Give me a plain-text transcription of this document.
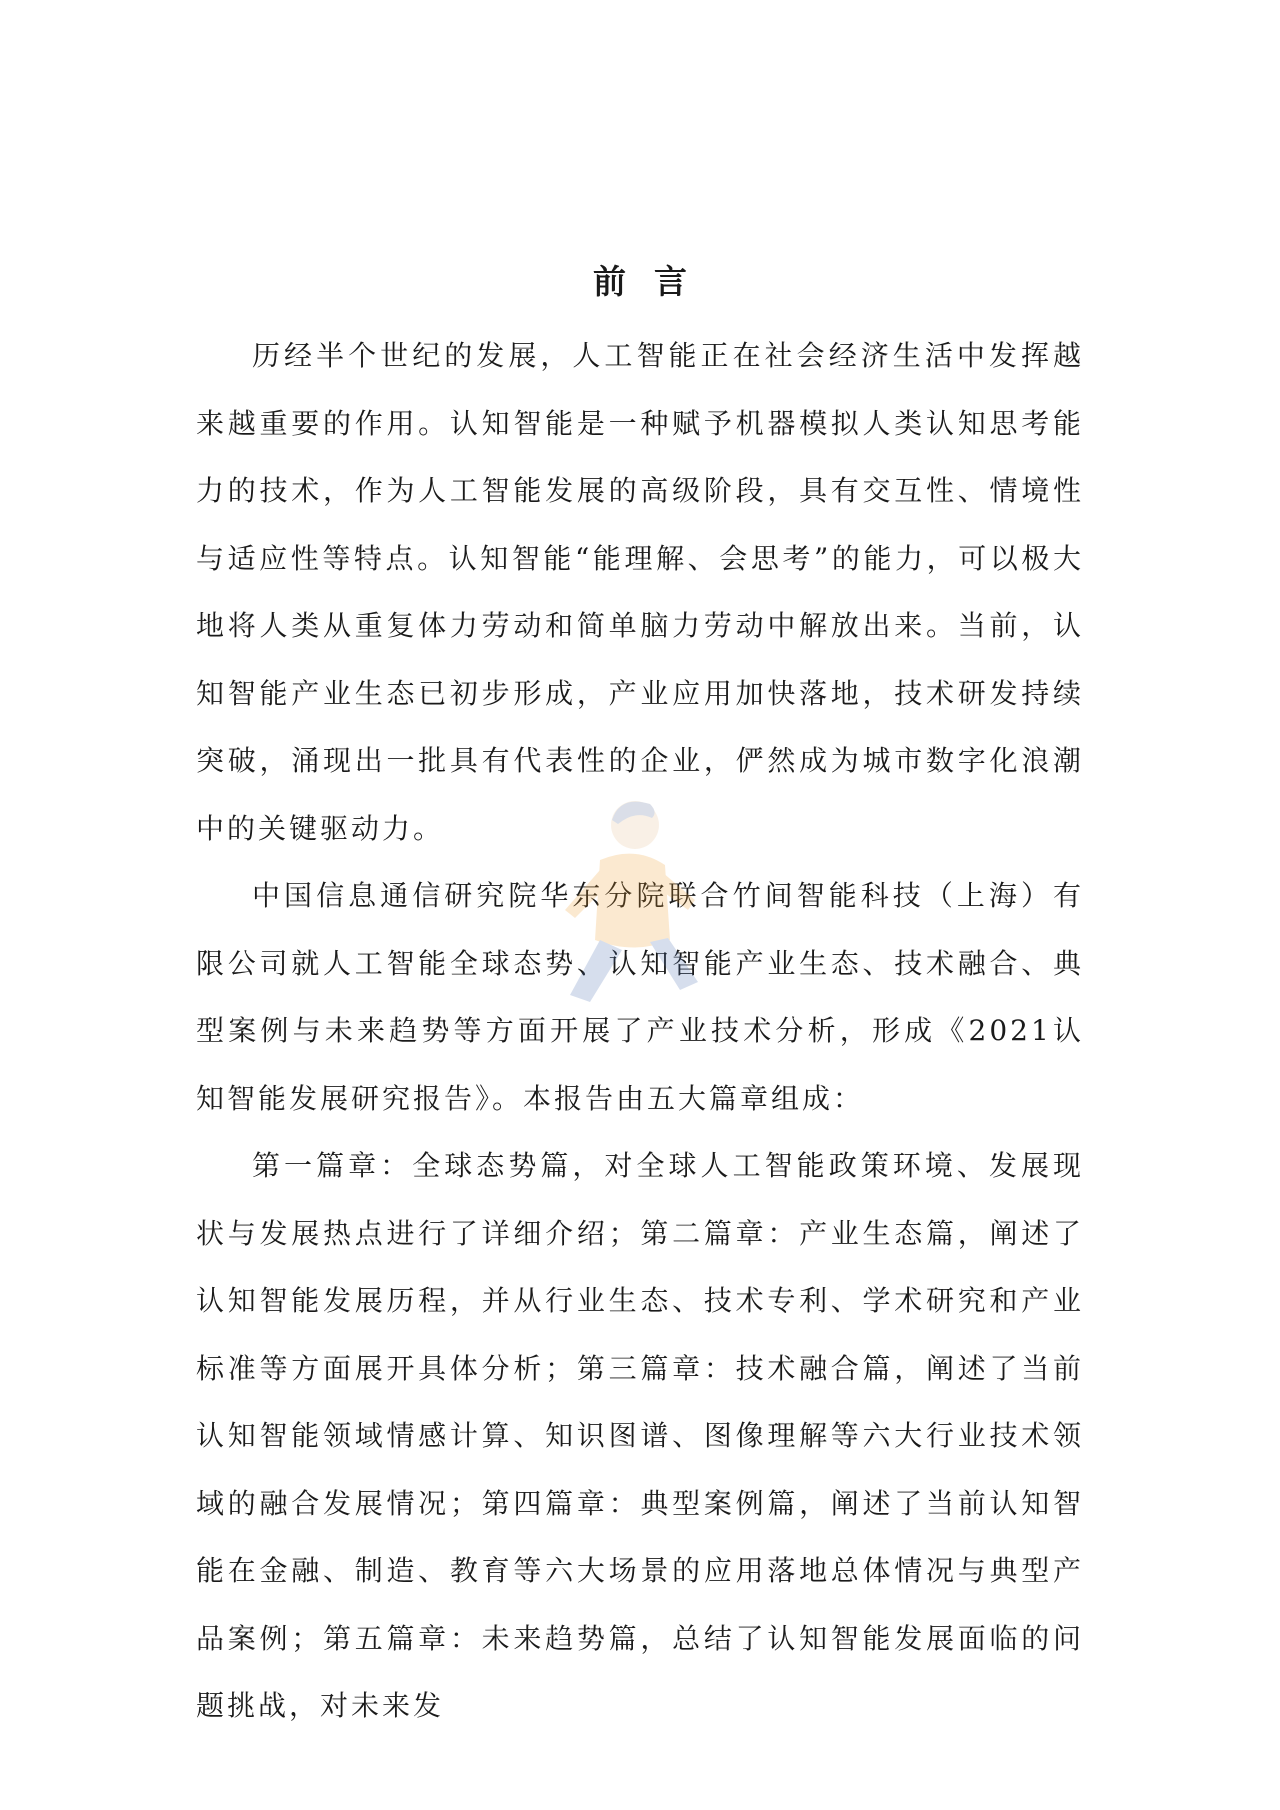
前言

历经半个世纪的发展，人工智能正在社会经济生活中发挥越来越重要的作用。认知智能是一种赋予机器模拟人类认知思考能力的技术，作为人工智能发展的高级阶段，具有交互性、情境性与适应性等特点。认知智能“能理解、会思考”的能力，可以极大地将人类从重复体力劳动和简单脑力劳动中解放出来。当前，认知智能产业生态已初步形成，产业应用加快落地，技术研发持续突破，涌现出一批具有代表性的企业，俨然成为城市数字化浪潮中的关键驱动力。

中国信息通信研究院华东分院联合竹间智能科技（上海）有限公司就人工智能全球态势、认知智能产业生态、技术融合、典型案例与未来趋势等方面开展了产业技术分析，形成《2021认知智能发展研究报告》。本报告由五大篇章组成：

第一篇章：全球态势篇，对全球人工智能政策环境、发展现状与发展热点进行了详细介绍；第二篇章：产业生态篇，阐述了认知智能发展历程，并从行业生态、技术专利、学术研究和产业标准等方面展开具体分析；第三篇章：技术融合篇，阐述了当前认知智能领域情感计算、知识图谱、图像理解等六大行业技术领域的融合发展情况；第四篇章：典型案例篇，阐述了当前认知智能在金融、制造、教育等六大场景的应用落地总体情况与典型产品案例；第五篇章：未来趋势篇，总结了认知智能发展面临的问题挑战，对未来发
